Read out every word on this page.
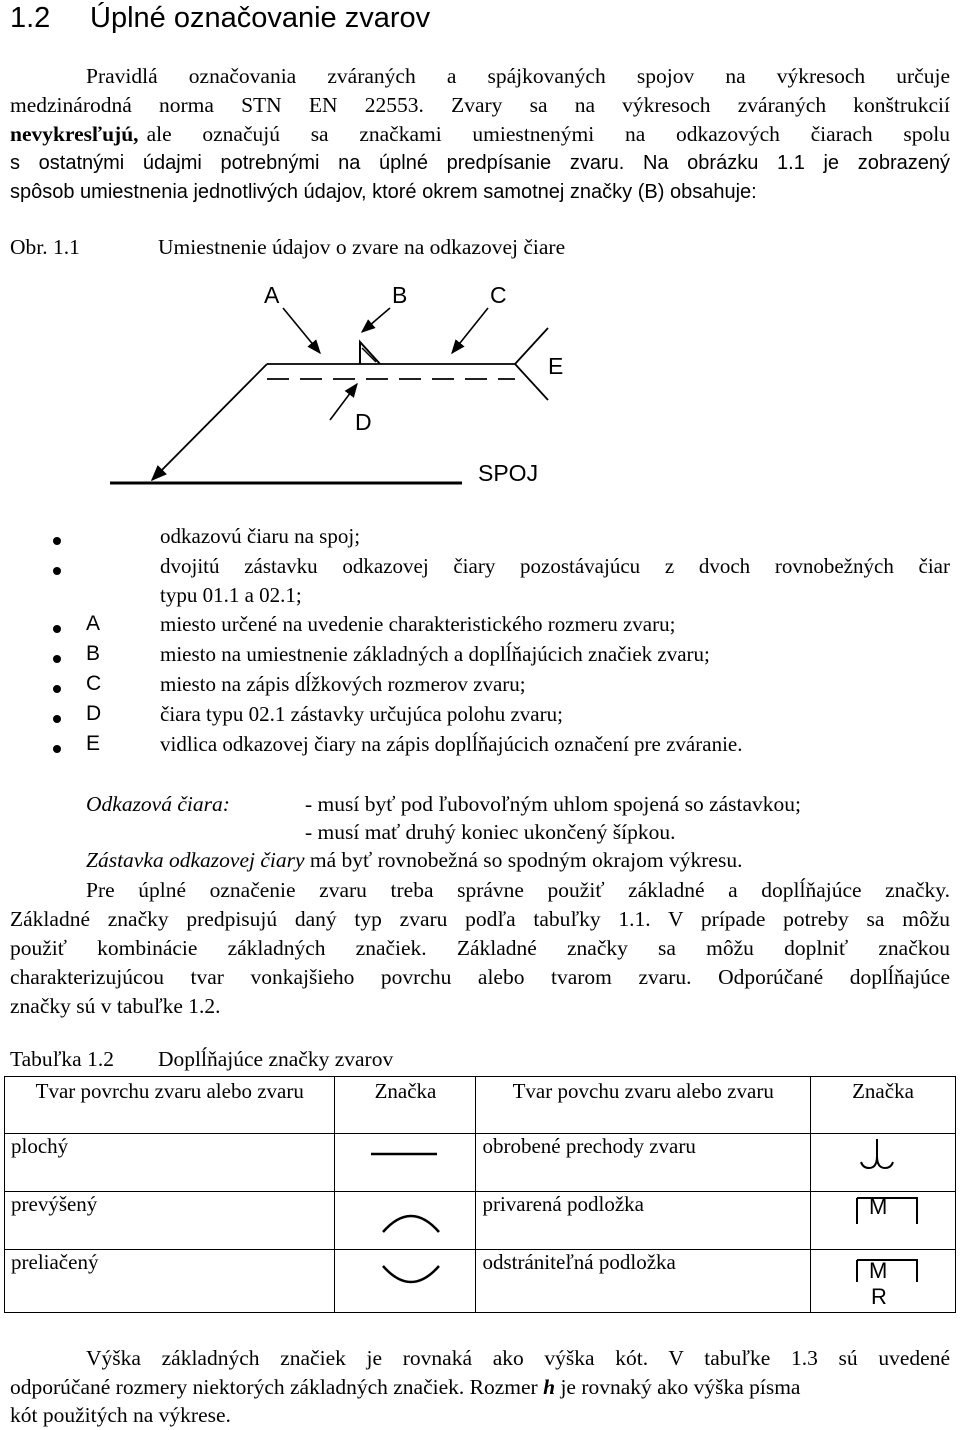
1.2 Úplné označovanie zvarov
Pravidlá označovania zváraných a spájkovaných spojov na výkresoch určuje
medzinárodná norma STN EN 22553. Zvary sa na výkresoch zváraných konštrukcií
nevykresľujú, ale označujú sa značkami umiestnenými na odkazových čiarach spolu
s ostatnými údajmi potrebnými na úplné predpísanie zvaru. Na obrázku 1.1 je zobrazený
spôsob umiestnenia jednotlivých údajov, ktoré okrem samotnej značky (B) obsahuje:
Obr. 1.1	Umiestnenie údajov o zvare na odkazovej čiare
A	B	C
D
E
SPOJ
odkazovú čiaru na spoj;
dvojitú zástavku odkazovej čiary pozostávajúcu z dvoch rovnobežných čiar
typu 01.1 a 02.1;
A	miesto určené na uvedenie charakteristického rozmeru zvaru;
B	miesto na umiestnenie základných a doplĺňajúcich značiek zvaru;
C	miesto na zápis dĺžkových rozmerov zvaru;
D	čiara typu 02.1 zástavky určujúca polohu zvaru;
E	vidlica odkazovej čiary na zápis doplĺňajúcich označení pre zváranie.
Odkazová čiara:	- musí byť pod ľubovoľným uhlom spojená so zástavkou;
- musí mať druhý koniec ukončený šípkou.
Zástavka odkazovej čiary má byť rovnobežná so spodným okrajom výkresu.
Pre úplné označenie zvaru treba správne použiť základné a doplĺňajúce značky.
Základné značky predpisujú daný typ zvaru podľa tabuľky 1.1. V prípade potreby sa môžu
použiť kombinácie základných značiek. Základné značky sa môžu doplniť značkou
charakterizujúcou tvar vonkajšieho povrchu alebo tvarom zvaru. Odporúčané doplĺňajúce
značky sú v tabuľke 1.2.
Tabuľka 1.2 Doplĺňajúce značky zvarov
Tvar povrchu zvaru alebo zvaru	Značka	Tvar povchu zvaru alebo zvaru	Značka
plochý		obrobené prechody zvaru	

prevýšený		privarená podložka	M

preliačený		odstrániteľná podložka	M
R
Výška základných značiek je rovnaká ako výška kót. V tabuľke 1.3 sú uvedené
odporúčané rozmery niektorých základných značiek. Rozmer h je rovnaký ako výška písma
kót použitých na výkrese.
